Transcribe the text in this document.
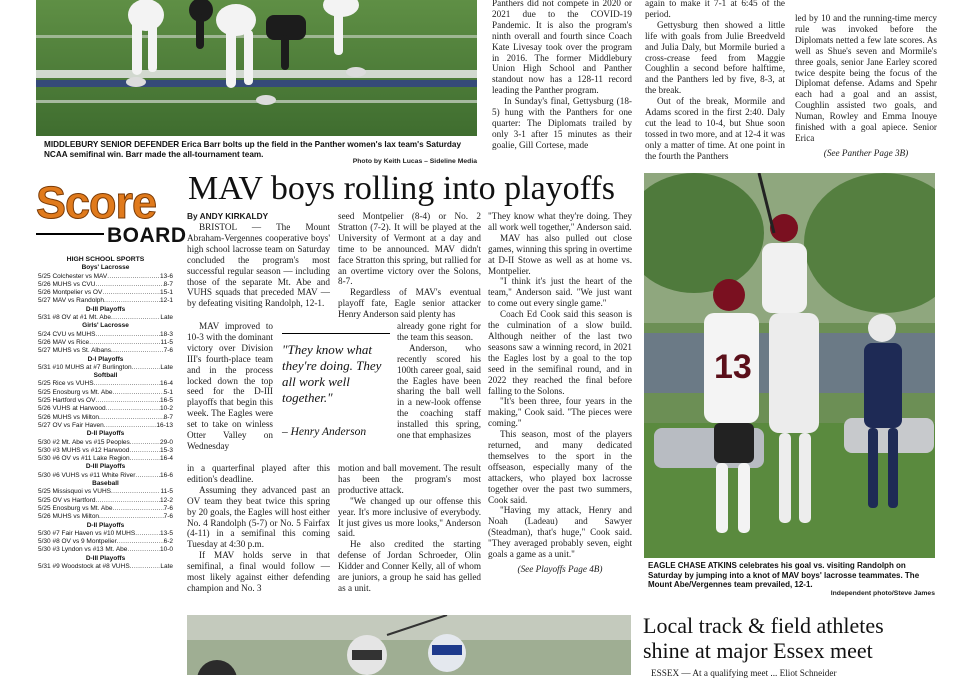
MIDDLEBURY SENIOR DEFENDER Erica Barr bolts up the field in the Panther women's lax team's Saturday NCAA semifinal win. Barr made the all-tournament team.
Photo by Keith Lucas – Sideline Media

Panthers did not compete in 2020 or 2021 due to the COVID-19 Pandemic. It is also the program's ninth overall and fourth since Coach Kate Livesay took over the program in 2016. The former Middlebury Union High School and Panther standout now has a 128-11 record leading the Panther program.

In Sunday's final, Gettysburg (18-5) hung with the Panthers for one quarter: The Diplomats trailed by only 3-1 after 15 minutes as their goalie, Gill Cortese, made

again to make it 7-1 at 6:45 of the period.

Gettysburg then showed a little life with goals from Julie Breedveld and Julia Daly, but Mormile buried a cross-crease feed from Maggie Coughlin a second before halftime, and the Panthers led by five, 8-3, at the break.

Out of the break, Mormile and Adams scored in the first 2:40. Daly cut the lead to 10-4, but Shue soon tossed in two more, and at 12-4 it was only a matter of time. At one point in the fourth the Panthers

led by 10 and the running-time mercy rule was invoked before the Diplomats netted a few late scores. As well as Shue's seven and Mormile's three goals, senior Jane Earley scored twice despite being the focus of the Diplomat defense. Adams and Spehr each had a goal and an assist, Coughlin assisted two goals, and Numan, Rowley and Emma Inouye finished with a goal apiece. Senior Erica

(See Panther Page 3B)

Score
BOARD
HIGH SCHOOL SPORTS
Boys' Lacrosse
5/25 Colchester vs MAV .....	13-6
5/26 MUHS vs CVU .....	8-7
5/26 Montpelier vs OV .....	15-1
5/27 MAV vs Randolph .....	12-1
D-III Playoffs
5/31 #8 OV at #1 Mt. Abe .....	Late
Girls' Lacrosse
5/24 CVU vs MUHS .....	18-3
5/26 MAV vs Rice .....	11-5
5/27 MUHS vs St. Albans .....	7-6
D-I Playoffs
5/31 #10 MUHS at #7 Burlington .....	Late
Softball
5/25 Rice vs VUHS .....	16-4
5/25 Enosburg vs Mt. Abe .....	5-1
5/25 Hartford vs OV .....	16-5
5/26 VUHS at Harwood .....	10-2
5/26 MUHS vs Milton .....	8-7
5/27 OV vs Fair Haven .....	16-13
D-II Playoffs
5/30 #2 Mt. Abe vs #15 Peoples .....	29-0
5/30 #3 MUHS vs #12 Harwood .....	15-3
5/30 #6 OV vs #11 Lake Region .....	16-4
D-III Playoffs
5/30 #6 VUHS vs #11 White River .....	16-6
Baseball
5/25 Missisquoi vs VUHS .....	11-5
5/25 OV vs Hartford .....	12-2
5/25 Enosburg vs Mt. Abe .....	7-6
5/26 MUHS vs Milton .....	7-6
D-II Playoffs
5/30 #7 Fair Haven vs #10 MUHS .....	13-5
5/30 #8 OV vs 9 Montpelier .....	6-2
5/30 #3 Lyndon vs #13 Mt. Abe .....	10-0
D-III Playoffs
5/31 #9 Woodstock at #8 VUHS .....	Late
MAV boys rolling into playoffs

By ANDY KIRKALDY

BRISTOL — The Mount Abraham-Vergennes cooperative boys' high school lacrosse team on Saturday concluded the program's most successful regular season — including those of the separate Mt. Abe and VUHS squads that preceded MAV — by defeating visiting Randolph, 12-1.

MAV improved to 10-3 with the dominant victory over Division III's fourth-place team and in the process locked down the top seed for the D-III playoffs that begin this week. The Eagles were set to take on winless Otter Valley on Wednesday

in a quarterfinal played after this edition's deadline.

Assuming they advanced past an OV team they beat twice this spring by 20 goals, the Eagles will host either No. 4 Randolph (5-7) or No. 5 Fairfax (4-11) in a semifinal this coming Tuesday at 4:30 p.m.

If MAV holds serve in that semifinal, a final would follow — most likely against either defending champion and No. 3

seed Montpelier (8-4) or No. 2 Stratton (7-2). It will be played at the University of Vermont at a day and time to be announced. MAV didn't face Stratton this spring, but rallied for an overtime victory over the Solons, 8-7.

Regardless of MAV's eventual playoff fate, Eagle senior attacker Henry Anderson said plenty has

already gone right for the team this season.

Anderson, who recently scored his 100th career goal, said the Eagles have been sharing the ball well in a new-look offense the coaching staff installed this spring, one that emphasizes

motion and ball movement. The result has been the program's most productive attack.

"We changed up our offense this year. It's more inclusive of everybody. It just gives us more looks," Anderson said.

He also credited the starting defense of Jordan Schroeder, Olin Kidder and Conner Kelly, all of whom are juniors, a group he said has gelled as a unit.

"They know what they're doing. They all work well together."
– Henry Anderson

"They know what they're doing. They all work well together," Anderson said.

MAV has also pulled out close games, winning this spring in overtime at D-II Stowe as well as at home vs. Montpelier.

"I think it's just the heart of the team," Anderson said. "We just want to come out every single game."

Coach Ed Cook said this season is the culmination of a slow build. Although neither of the last two seasons saw a winning record, in 2021 the Eagles lost by a goal to the top seed in the semifinal round, and in 2022 they reached the final before falling to the Solons.

"It's been three, four years in the making," Cook said. "The pieces were coming."

This season, most of the players returned, and many dedicated themselves to the sport in the offseason, especially many of the attackers, who played box lacrosse together over the past two summers, Cook said.

"Having my attack, Henry and Noah (Ladeau) and Sawyer (Steadman), that's huge," Cook said. "They averaged probably seven, eight goals a game as a unit."

(See Playoffs Page 4B)

13
EAGLE CHASE ATKINS celebrates his goal vs. visiting Randolph on Saturday by jumping into a knot of MAV boys' lacrosse teammates. The Mount Abe/Vergennes team prevailed, 12-1.
Independent photo/Steve James
Local track & field athletes
shine at major Essex meet
ESSEX — At a qualifying meet ... Eliot Schneider
